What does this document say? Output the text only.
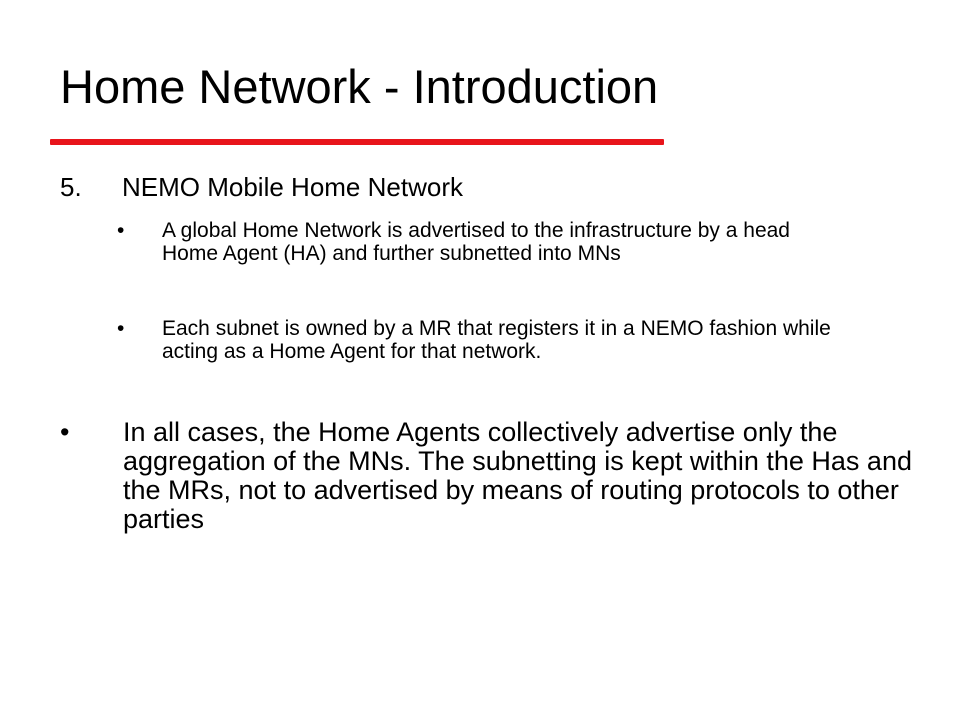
Home Network - Introduction
5. NEMO Mobile Home Network
• A global Home Network is advertised to the infrastructure by a head Home Agent (HA) and further subnetted into MNs
• Each subnet is owned by a MR that registers it in a NEMO fashion while acting as a Home Agent for that network.
• In all cases, the Home Agents collectively advertise only the aggregation of the MNs. The subnetting is kept within the Has and the MRs, not to advertised by means of routing protocols to other parties
